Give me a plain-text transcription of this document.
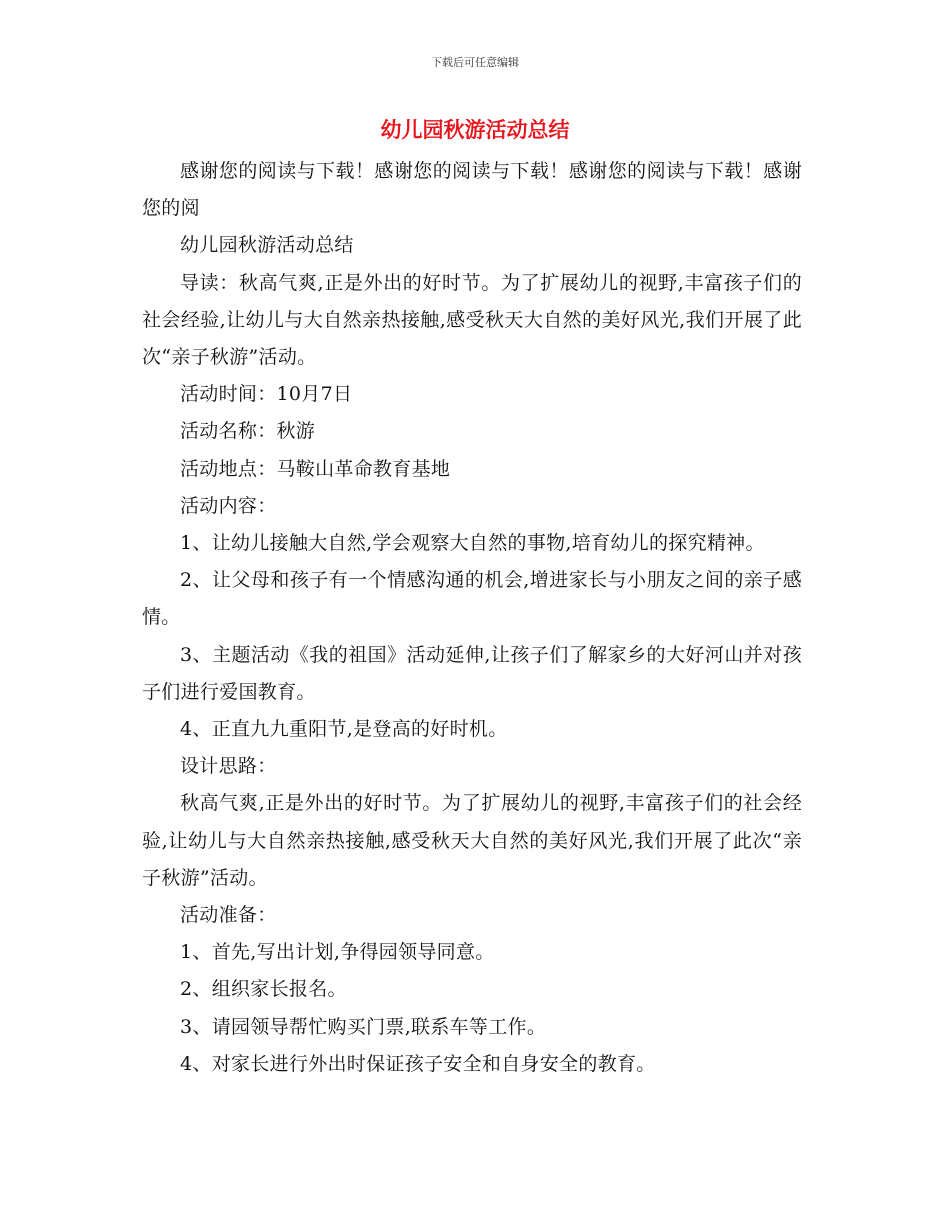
下载后可任意编辑
幼儿园秋游活动总结

感谢您的阅读与下载！感谢您的阅读与下载！感谢您的阅读与下载！感谢您的阅

幼儿园秋游活动总结

导读：秋高气爽,正是外出的好时节。为了扩展幼儿的视野,丰富孩子们的社会经验,让幼儿与大自然亲热接触,感受秋天大自然的美好风光,我们开展了此次“亲子秋游”活动。

活动时间：10月7日

活动名称：秋游

活动地点：马鞍山革命教育基地

活动内容：

1、让幼儿接触大自然,学会观察大自然的事物,培育幼儿的探究精神。

2、让父母和孩子有一个情感沟通的机会,增进家长与小朋友之间的亲子感情。

3、主题活动《我的祖国》活动延伸,让孩子们了解家乡的大好河山并对孩子们进行爱国教育。

4、正直九九重阳节,是登高的好时机。

设计思路：

秋高气爽,正是外出的好时节。为了扩展幼儿的视野,丰富孩子们的社会经验,让幼儿与大自然亲热接触,感受秋天大自然的美好风光,我们开展了此次“亲子秋游”活动。

活动准备：

1、首先,写出计划,争得园领导同意。

2、组织家长报名。

3、请园领导帮忙购买门票,联系车等工作。

4、对家长进行外出时保证孩子安全和自身安全的教育。
